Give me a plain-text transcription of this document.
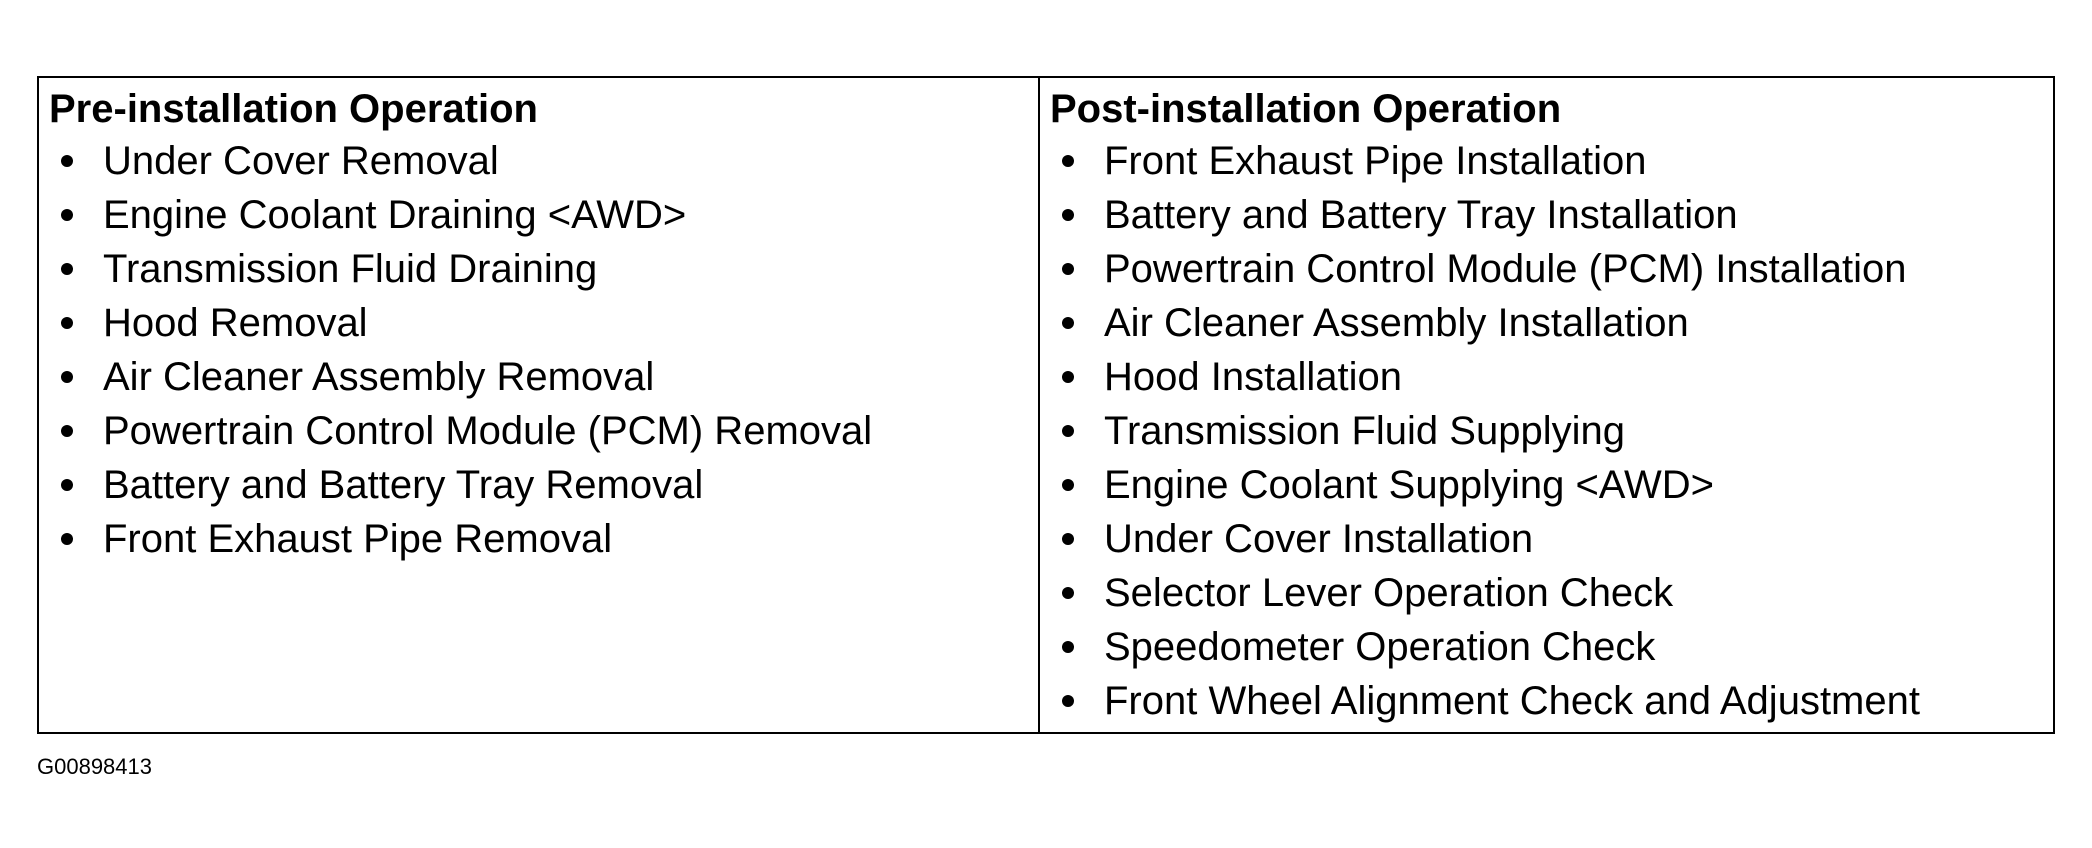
Pre-installation Operation

Under Cover Removal
Engine Coolant Draining <AWD>
Transmission Fluid Draining
Hood Removal
Air Cleaner Assembly Removal
Powertrain Control Module (PCM) Removal
Battery and Battery Tray Removal
Front Exhaust Pipe Removal

Post-installation Operation

Front Exhaust Pipe Installation
Battery and Battery Tray Installation
Powertrain Control Module (PCM) Installation
Air Cleaner Assembly Installation
Hood Installation
Transmission Fluid Supplying
Engine Coolant Supplying <AWD>
Under Cover Installation
Selector Lever Operation Check
Speedometer Operation Check
Front Wheel Alignment Check and Adjustment
G00898413
